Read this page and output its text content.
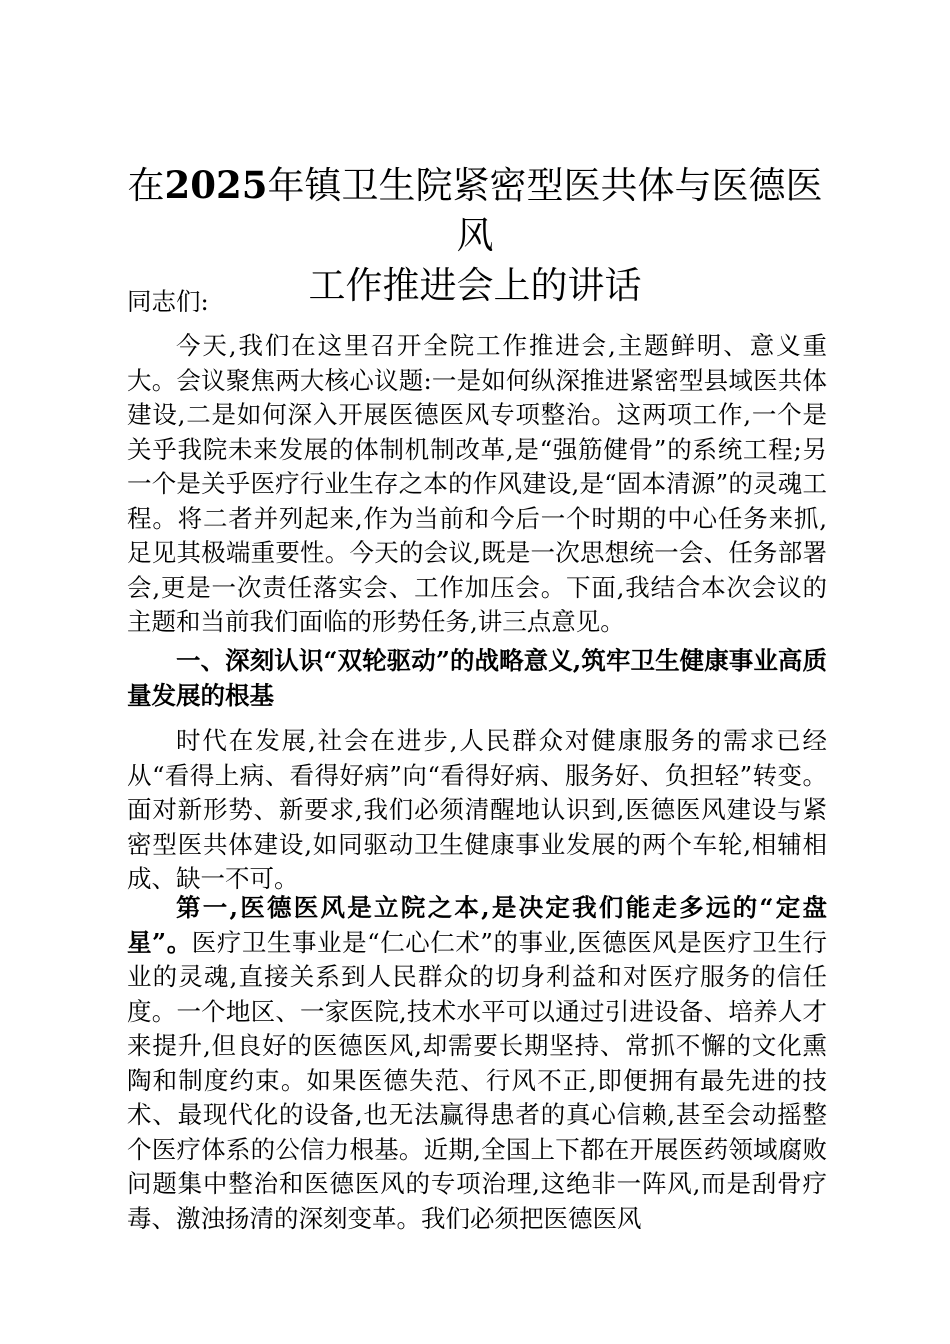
在2025年镇卫生院紧密型医共体与医德医风
工作推进会上的讲话
同志们:
今天,我们在这里召开全院工作推进会,主题鲜明、意义重大。会议聚焦两大核心议题:一是如何纵深推进紧密型县域医共体建设,二是如何深入开展医德医风专项整治。这两项工作,一个是关乎我院未来发展的体制机制改革,是“强筋健骨”的系统工程;另一个是关乎医疗行业生存之本的作风建设,是“固本清源”的灵魂工程。将二者并列起来,作为当前和今后一个时期的中心任务来抓,足见其极端重要性。今天的会议,既是一次思想统一会、任务部署会,更是一次责任落实会、工作加压会。下面,我结合本次会议的主题和当前我们面临的形势任务,讲三点意见。
一、深刻认识“双轮驱动”的战略意义,筑牢卫生健康事业高质量发展的根基
时代在发展,社会在进步,人民群众对健康服务的需求已经从“看得上病、看得好病”向“看得好病、服务好、负担轻”转变。面对新形势、新要求,我们必须清醒地认识到,医德医风建设与紧密型医共体建设,如同驱动卫生健康事业发展的两个车轮,相辅相成、缺一不可。
第一,医德医风是立院之本,是决定我们能走多远的“定盘星”。医疗卫生事业是“仁心仁术”的事业,医德医风是医疗卫生行业的灵魂,直接关系到人民群众的切身利益和对医疗服务的信任度。一个地区、一家医院,技术水平可以通过引进设备、培养人才来提升,但良好的医德医风,却需要长期坚持、常抓不懈的文化熏陶和制度约束。如果医德失范、行风不正,即便拥有最先进的技术、最现代化的设备,也无法赢得患者的真心信赖,甚至会动摇整个医疗体系的公信力根基。近期,全国上下都在开展医药领域腐败问题集中整治和医德医风的专项治理,这绝非一阵风,而是刮骨疗毒、激浊扬清的深刻变革。我们必须把医德医风
